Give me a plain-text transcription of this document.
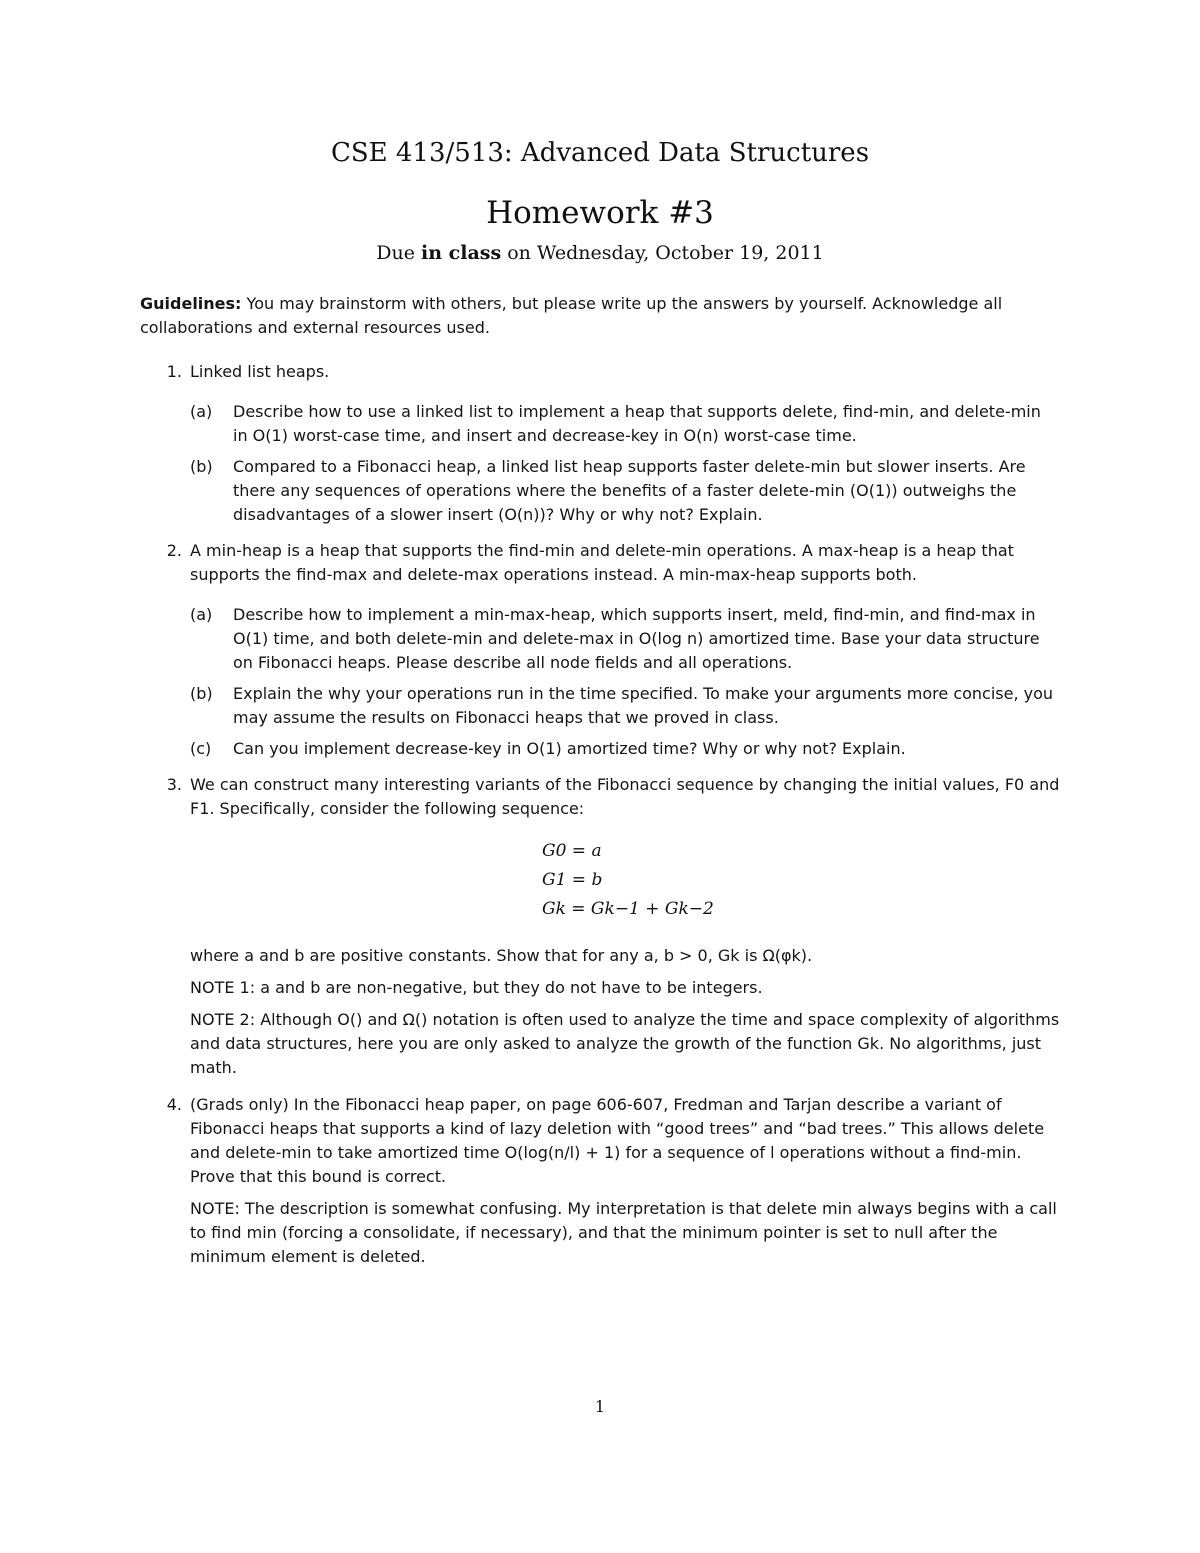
CSE 413/513: Advanced Data Structures
Homework #3
Due in class on Wednesday, October 19, 2011
Guidelines: You may brainstorm with others, but please write up the answers by yourself. Acknowledge all collaborations and external resources used.
1. Linked list heaps.
(a)	Describe how to use a linked list to implement a heap that supports delete, find-min, and delete-min in O(1) worst-case time, and insert and decrease-key in O(n) worst-case time.
(b)	Compared to a Fibonacci heap, a linked list heap supports faster delete-min but slower inserts. Are there any sequences of operations where the benefits of a faster delete-min (O(1)) outweighs the disadvantages of a slower insert (O(n))? Why or why not? Explain.
2. A min-heap is a heap that supports the find-min and delete-min operations. A max-heap is a heap that supports the find-max and delete-max operations instead. A min-max-heap supports both.
(a)	Describe how to implement a min-max-heap, which supports insert, meld, find-min, and find-max in O(1) time, and both delete-min and delete-max in O(log n) amortized time. Base your data structure on Fibonacci heaps. Please describe all node fields and all operations.
(b)	Explain the why your operations run in the time specified. To make your arguments more concise, you may assume the results on Fibonacci heaps that we proved in class.
(c)	Can you implement decrease-key in O(1) amortized time? Why or why not? Explain.
3. We can construct many interesting variants of the Fibonacci sequence by changing the initial values, F0 and F1. Specifically, consider the following sequence:
G0 = a
G1 = b
Gk = Gk−1 + Gk−2
where a and b are positive constants. Show that for any a, b > 0, Gk is Ω(φk).
NOTE 1: a and b are non-negative, but they do not have to be integers.
NOTE 2: Although O() and Ω() notation is often used to analyze the time and space complexity of algorithms and data structures, here you are only asked to analyze the growth of the function Gk. No algorithms, just math.
4. (Grads only) In the Fibonacci heap paper, on page 606-607, Fredman and Tarjan describe a variant of Fibonacci heaps that supports a kind of lazy deletion with “good trees” and “bad trees.” This allows delete and delete-min to take amortized time O(log(n/l) + 1) for a sequence of l operations without a find-min. Prove that this bound is correct.
NOTE: The description is somewhat confusing. My interpretation is that delete min always begins with a call to find min (forcing a consolidate, if necessary), and that the minimum pointer is set to null after the minimum element is deleted.
1
